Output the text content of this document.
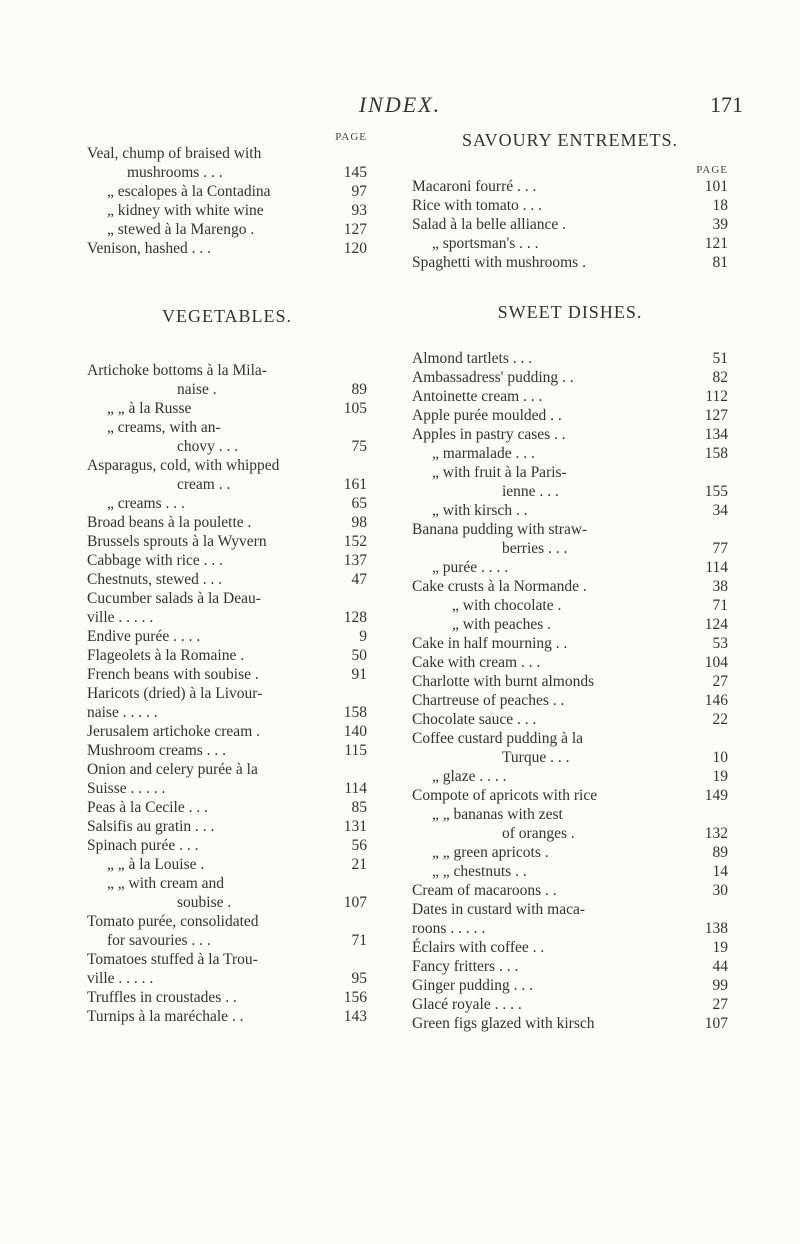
INDEX.	171
PAGE
Veal, chump of braised with
mushrooms . . .	145
„ escalopes à la Contadina	97
„ kidney with white wine	93
„ stewed à la Marengo .	127
Venison, hashed . . .	120
VEGETABLES.
Artichoke bottoms à la Mila-
naise .	89
„ „ à la Russe	105
„ creams, with an-
chovy . . .	75
Asparagus, cold, with whipped
cream . .	161
„ creams . . .	65
Broad beans à la poulette .	98
Brussels sprouts à la Wyvern	152
Cabbage with rice . . .	137
Chestnuts, stewed . . .	47
Cucumber salads à la Deau-
ville . . . . .	128
Endive purée . . . .	9
Flageolets à la Romaine .	50
French beans with soubise .	91
Haricots (dried) à la Livour-
naise . . . . .	158
Jerusalem artichoke cream .	140
Mushroom creams . . .	115
Onion and celery purée à la
Suisse . . . . .	114
Peas à la Cecile . . .	85
Salsifis au gratin . . .	131
Spinach purée . . .	56
„ „ à la Louise .	21
„ „ with cream and
soubise .	107
Tomato purée, consolidated
for savouries . . .	71
Tomatoes stuffed à la Trou-
ville . . . . .	95
Truffles in croustades . .	156
Turnips à la maréchale . .	143
SAVOURY ENTREMETS.
PAGE
Macaroni fourré . . .	101
Rice with tomato . . .	18
Salad à la belle alliance .	39
„ sportsman's . . .	121
Spaghetti with mushrooms .	81
SWEET DISHES.
Almond tartlets . . .	51
Ambassadress' pudding . .	82
Antoinette cream . . .	112
Apple purée moulded . .	127
Apples in pastry cases . .	134
„ marmalade . . .	158
„ with fruit à la Paris-
ienne . . .	155
„ with kirsch . .	34
Banana pudding with straw-
berries . . .	77
„ purée . . . .	114
Cake crusts à la Normande .	38
„ with chocolate .	71
„ with peaches .	124
Cake in half mourning . .	53
Cake with cream . . .	104
Charlotte with burnt almonds	27
Chartreuse of peaches . .	146
Chocolate sauce . . .	22
Coffee custard pudding à la
Turque . . .	10
„ glaze . . . .	19
Compote of apricots with rice	149
„ „ bananas with zest
of oranges .	132
„ „ green apricots .	89
„ „ chestnuts . .	14
Cream of macaroons . .	30
Dates in custard with maca-
roons . . . . .	138
Éclairs with coffee . .	19
Fancy fritters . . .	44
Ginger pudding . . .	99
Glacé royale . . . .	27
Green figs glazed with kirsch	107
